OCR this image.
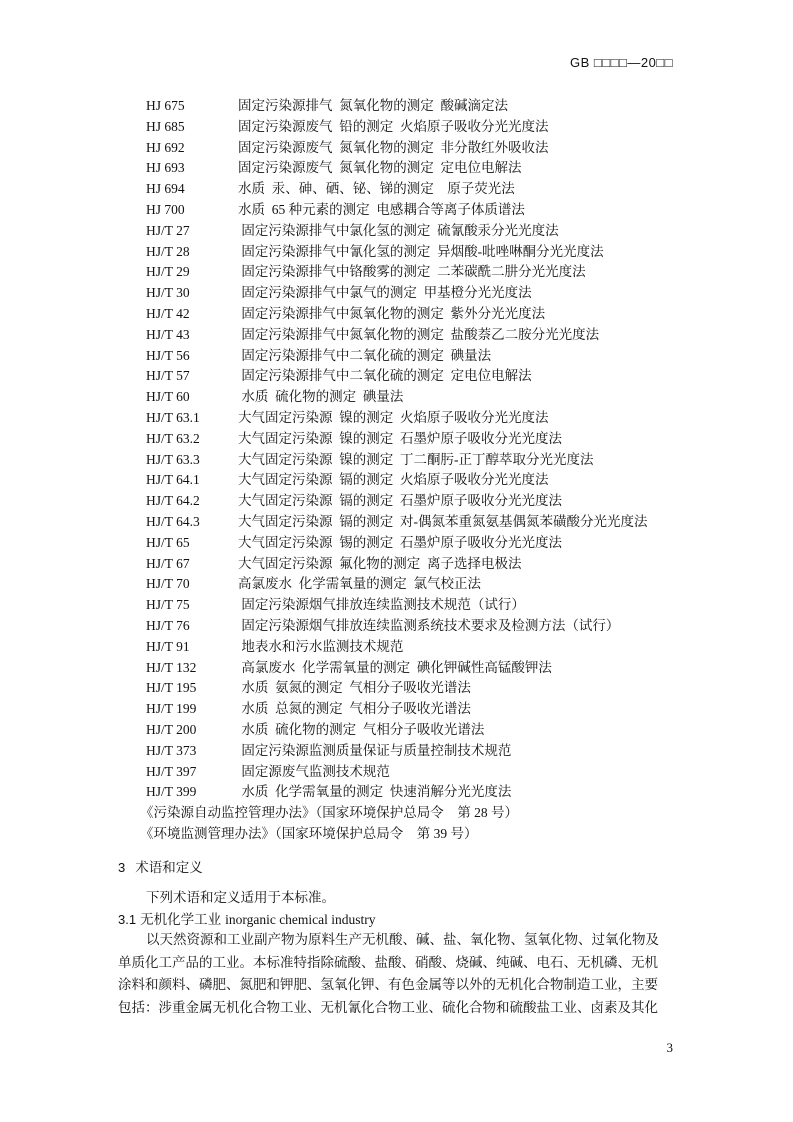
GB □□□□—20□□
HJ 675	固定污染源排气  氮氧化物的测定  酸碱滴定法
HJ 685	固定污染源废气  铅的测定  火焰原子吸收分光光度法
HJ 692	固定污染源废气  氮氧化物的测定  非分散红外吸收法
HJ 693	固定污染源废气  氮氧化物的测定  定电位电解法
HJ 694	水质  汞、砷、硒、铋、锑的测定    原子荧光法
HJ 700	水质  65 种元素的测定  电感耦合等离子体质谱法
HJ/T 27	固定污染源排气中氯化氢的测定  硫氰酸汞分光光度法
HJ/T 28	固定污染源排气中氰化氢的测定  异烟酸-吡唑啉酮分光光度法
HJ/T 29	固定污染源排气中铬酸雾的测定  二苯碳酰二肼分光光度法
HJ/T 30	固定污染源排气中氯气的测定  甲基橙分光光度法
HJ/T 42	固定污染源排气中氮氧化物的测定  紫外分光光度法
HJ/T 43	固定污染源排气中氮氧化物的测定  盐酸萘乙二胺分光光度法
HJ/T 56	固定污染源排气中二氧化硫的测定  碘量法
HJ/T 57	固定污染源排气中二氧化硫的测定  定电位电解法
HJ/T 60	水质  硫化物的测定  碘量法
HJ/T 63.1	大气固定污染源  镍的测定  火焰原子吸收分光光度法
HJ/T 63.2	大气固定污染源  镍的测定  石墨炉原子吸收分光光度法
HJ/T 63.3	大气固定污染源  镍的测定  丁二酮肟-正丁醇萃取分光光度法
HJ/T 64.1	大气固定污染源  镉的测定  火焰原子吸收分光光度法
HJ/T 64.2	大气固定污染源  镉的测定  石墨炉原子吸收分光光度法
HJ/T 64.3	大气固定污染源  镉的测定  对-偶氮苯重氮氨基偶氮苯磺酸分光光度法
HJ/T 65	大气固定污染源  锡的测定  石墨炉原子吸收分光光度法
HJ/T 67	大气固定污染源  氟化物的测定  离子选择电极法
HJ/T 70	高氯废水  化学需氧量的测定  氯气校正法
HJ/T 75	固定污染源烟气排放连续监测技术规范（试行）
HJ/T 76	固定污染源烟气排放连续监测系统技术要求及检测方法（试行）
HJ/T 91	地表水和污水监测技术规范
HJ/T 132	高氯废水  化学需氧量的测定  碘化钾碱性高锰酸钾法
HJ/T 195	水质  氨氮的测定  气相分子吸收光谱法
HJ/T 199	水质  总氮的测定  气相分子吸收光谱法
HJ/T 200	水质  硫化物的测定  气相分子吸收光谱法
HJ/T 373	固定污染源监测质量保证与质量控制技术规范
HJ/T 397	固定源废气监测技术规范
HJ/T 399	水质  化学需氧量的测定  快速消解分光光度法
《污染源自动监控管理办法》（国家环境保护总局令    第 28 号）
《环境监测管理办法》（国家环境保护总局令    第 39 号）
3 术语和定义
下列术语和定义适用于本标准。
3.1 无机化学工业 inorganic chemical industry
以天然资源和工业副产物为原料生产无机酸、碱、盐、氧化物、氢氧化物、过氧化物及
单质化工产品的工业。本标准特指除硫酸、盐酸、硝酸、烧碱、纯碱、电石、无机磷、无机
涂料和颜料、磷肥、氮肥和钾肥、氢氧化钾、有色金属等以外的无机化合物制造工业，主要
包括：涉重金属无机化合物工业、无机氰化合物工业、硫化合物和硫酸盐工业、卤素及其化
3
